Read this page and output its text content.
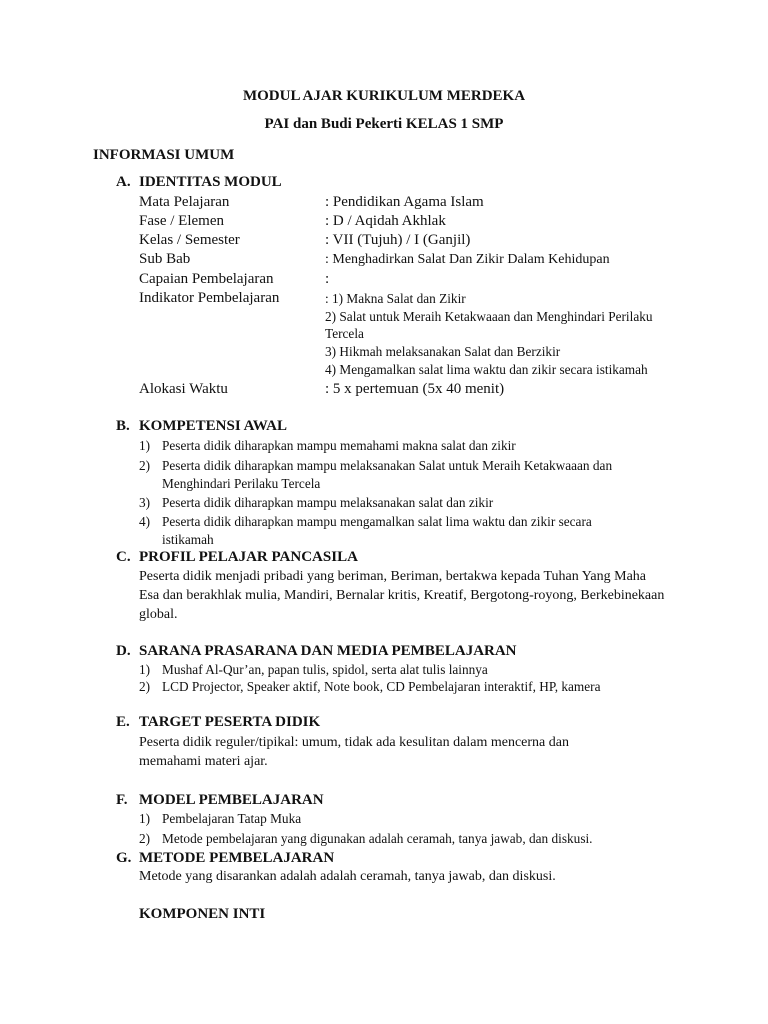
MODUL AJAR KURIKULUM MERDEKA
PAI dan Budi Pekerti KELAS 1 SMP
INFORMASI UMUM
A. IDENTITAS MODUL
Mata Pelajaran	: Pendidikan Agama Islam
Fase / Elemen	: D / Aqidah Akhlak
Kelas / Semester	: VII (Tujuh) / I (Ganjil)
Sub Bab	: Menghadirkan Salat Dan Zikir Dalam Kehidupan
Capaian Pembelajaran	:
Indikator Pembelajaran	: 1) Makna Salat dan Zikir
2) Salat untuk Meraih Ketakwaaan dan Menghindari Perilaku
Tercela
3) Hikmah melaksanakan Salat dan Berzikir
4) Mengamalkan salat lima waktu dan zikir secara istikamah
Alokasi Waktu	: 5 x pertemuan (5x 40 menit)
B. KOMPETENSI AWAL
1) Peserta didik diharapkan mampu memahami makna salat dan zikir
2) Peserta didik diharapkan mampu melaksanakan Salat untuk Meraih Ketakwaaan dan
Menghindari Perilaku Tercela
3) Peserta didik diharapkan mampu melaksanakan salat dan zikir
4) Peserta didik diharapkan mampu mengamalkan salat lima waktu dan zikir secara
istikamah
C. PROFIL PELAJAR PANCASILA
Peserta didik menjadi pribadi yang beriman, Beriman, bertakwa kepada Tuhan Yang Maha
Esa dan berakhlak mulia, Mandiri, Bernalar kritis, Kreatif, Bergotong-royong, Berkebinekaan
global.
D. SARANA PRASARANA DAN MEDIA PEMBELAJARAN
1) Mushaf Al-Qur’an, papan tulis, spidol, serta alat tulis lainnya
2) LCD Projector, Speaker aktif, Note book, CD Pembelajaran interaktif, HP, kamera
E. TARGET PESERTA DIDIK
Peserta didik reguler/tipikal: umum, tidak ada kesulitan dalam mencerna dan
memahami materi ajar.
F. MODEL PEMBELAJARAN
1) Pembelajaran Tatap Muka
2) Metode pembelajaran yang digunakan adalah ceramah, tanya jawab, dan diskusi.
G. METODE PEMBELAJARAN
Metode yang disarankan adalah adalah ceramah, tanya jawab, dan diskusi.
KOMPONEN INTI
